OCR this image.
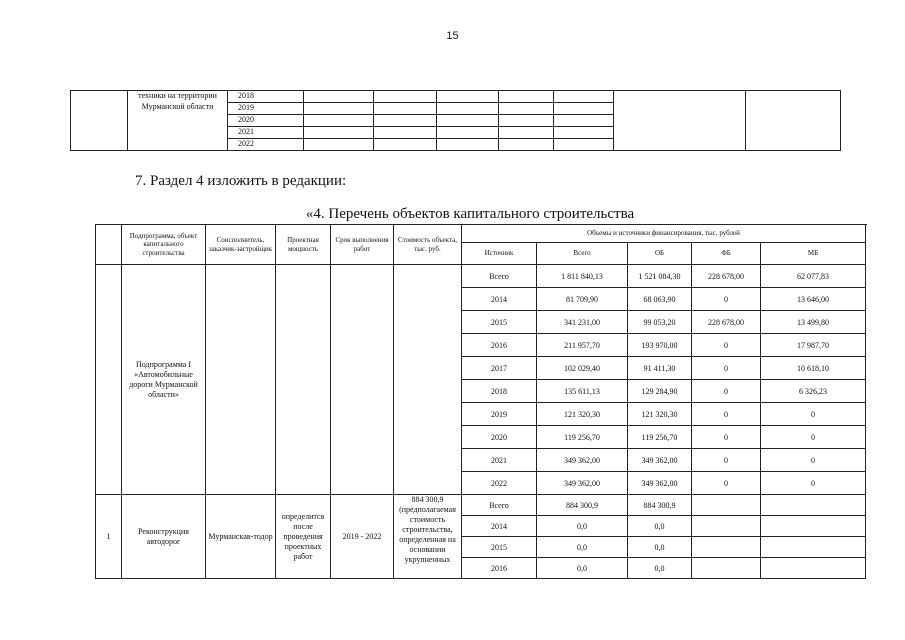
15
	техники на территории Мурманской области	2018							
		2019							
		2020							
		2021							
		2022							
7. Раздел 4 изложить в редакции:
«4. Перечень объектов капитального строительства
	Подпрограмма, объект капитального строительства	Соисполнитель, заказчик-застройщик	Проектная мощность	Срок выполнения работ	Стоимость объекта, тыс. руб.	Объемы и источники финансирования, тыс. рублей					
						Источник	Всего	ОБ	ФБ	МБ	
	Подпрограмма I «Автомобильные дороги Мурманской области»					Всего	1 811 840,13	1 521 084,30	228 678,00	62 077,83	
						2014	81 709,90	68 063,90	0	13 646,00	
						2015	341 231,00	99 053,20	228 678,00	13 499,80	
						2016	211 957,70	193 970,00	0	17 987,70	
						2017	102 029,40	91 411,30	0	10 618,10	
						2018	135 611,13	129 284,90	0	6 326,23	
						2019	121 320,30	121 320,30	0	0	
						2020	119 256,70	119 256,70	0	0	
						2021	349 362,00	349 362,00	0	0	
						2022	349 362,00	349 362,00	0	0	
1	Реконструкция автодорог	Мурманскав-тодор	определится после проведения проектных работ	2019 - 2022	884 300,9 (предполагаемая стоимость строительства, определенная на основании укрупненных	Всего	884 300,9	884 300,9			
						2014	0,0	0,0			
						2015	0,0	0,0			
						2016	0,0	0,0			
